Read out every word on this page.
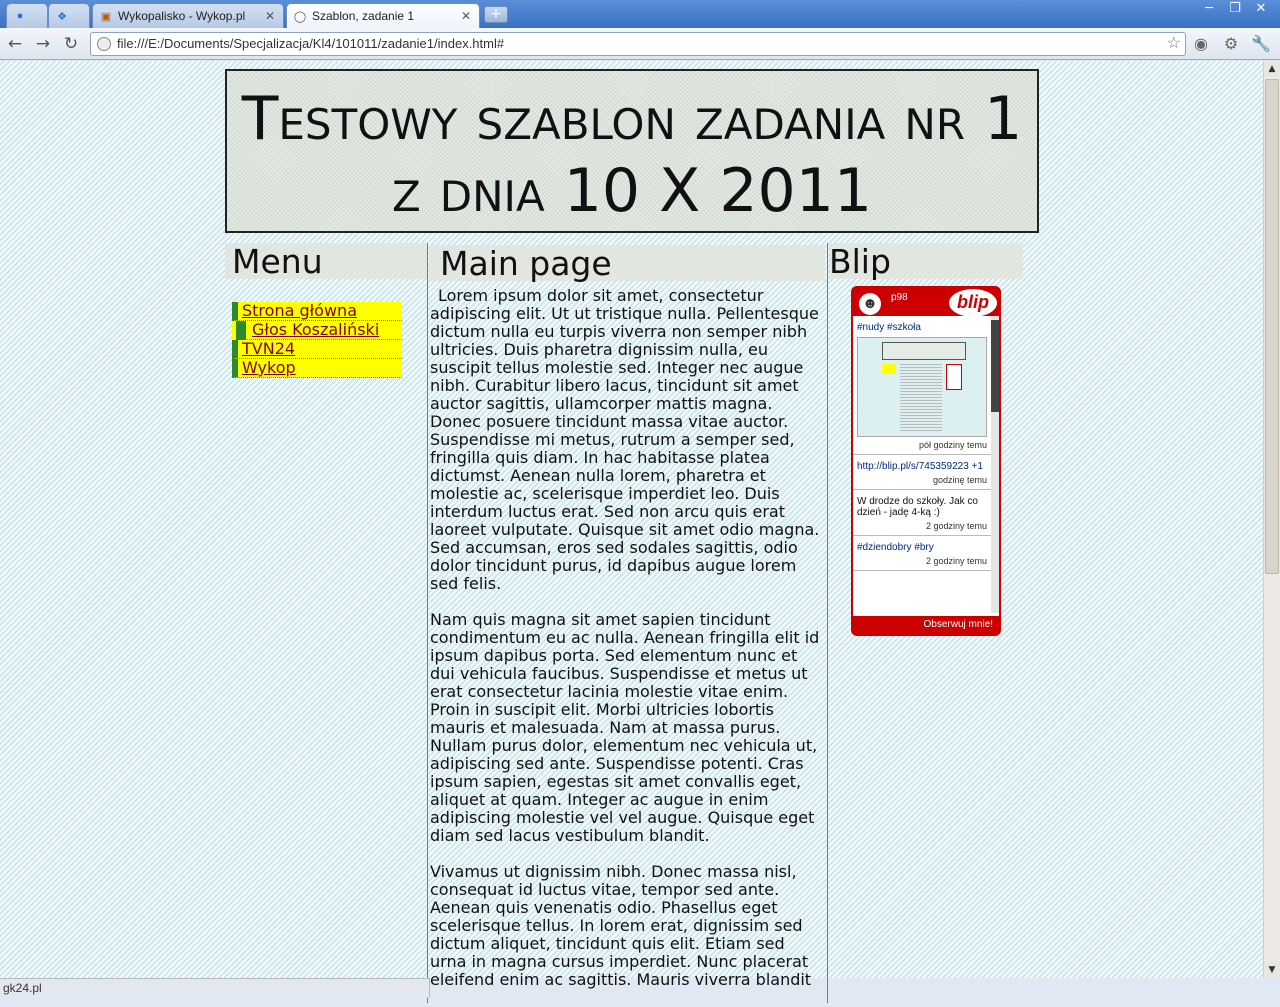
●	❖	▣ Wykopalisko - Wykop.pl ✕ ◯ Szablon, zadanie 1	✕	+	─	❐	✕
← → ↻	file:///E:/Documents/Specjalizacja/Kl4/101011/zadanie1/index.html#	☆ ◉ ⚙ 🔧
Testowy szablon zadania nr 1 z dnia 10 X 2011
Menu	Main page	Blip
Strona główna
Głos Koszaliński
TVN24
Wykop

Lorem ipsum dolor sit amet, consectetur adipiscing elit. Ut ut tristique nulla. Pellentesque dictum nulla eu turpis viverra non semper nibh ultricies. Duis pharetra dignissim nulla, eu suscipit tellus molestie sed. Integer nec augue nibh. Curabitur libero lacus, tincidunt sit amet auctor sagittis, ullamcorper mattis magna. Donec posuere tincidunt massa vitae auctor. Suspendisse mi metus, rutrum a semper sed, fringilla quis diam. In hac habitasse platea dictumst. Aenean nulla lorem, pharetra et molestie ac, scelerisque imperdiet leo. Duis interdum luctus erat. Sed non arcu quis erat laoreet vulputate. Quisque sit amet odio magna. Sed accumsan, eros sed sodales sagittis, odio dolor tincidunt purus, id dapibus augue lorem sed felis.

Nam quis magna sit amet sapien tincidunt condimentum eu ac nulla. Aenean fringilla elit id ipsum dapibus porta. Sed elementum nunc et dui vehicula faucibus. Suspendisse et metus ut erat consectetur lacinia molestie vitae enim. Proin in suscipit elit. Morbi ultricies lobortis mauris et malesuada. Nam at massa purus. Nullam purus dolor, elementum nec vehicula ut, adipiscing sed ante. Suspendisse potenti. Cras ipsum sapien, egestas sit amet convallis eget, aliquet at quam. Integer ac augue in enim adipiscing molestie vel vel augue. Quisque eget diam sed lacus vestibulum blandit.

Vivamus ut dignissim nibh. Donec massa nisl, consequat id luctus vitae, tempor sed ante. Aenean quis venenatis odio. Phasellus eget scelerisque tellus. In lorem erat, dignissim sed dictum aliquet, tincidunt quis elit. Etiam sed urna in magna cursus imperdiet. Nunc placerat eleifend enim ac sagittis. Mauris viverra blandit

☻	p98	blip
#nudy #szkoła
pół godziny temu
http://blip.pl/s/745359223 +1
godzinę temu
W drodze do szkoły. Jak co dzień - jadę 4-ką :)
2 godziny temu
#dziendobry #bry
2 godziny temu
Obserwuj mnie!
▲
▼
gk24.pl
